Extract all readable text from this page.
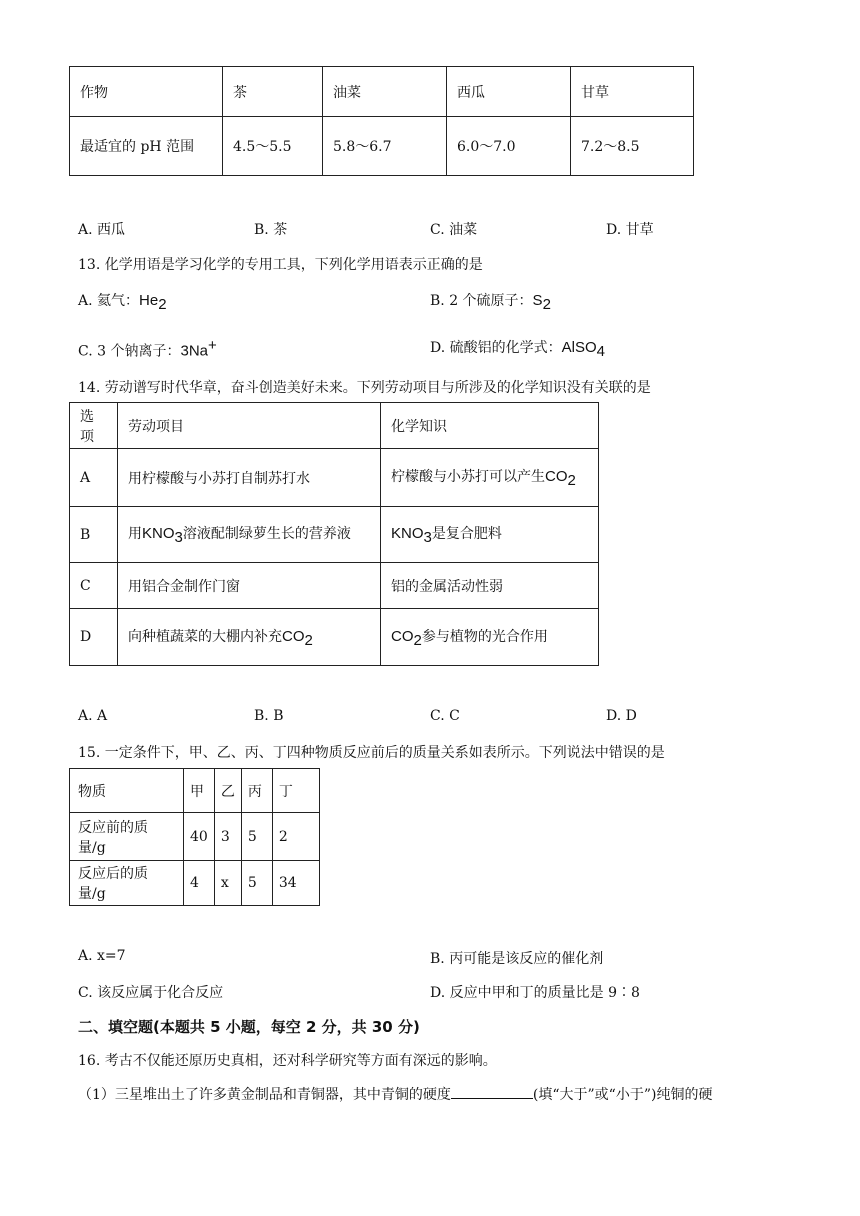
作物	茶	油菜	西瓜	甘草
最适宜的 pH 范围	4.5～5.5	5.8～6.7	6.0～7.0	7.2～8.5
A. 西瓜	B. 茶	C. 油菜	D. 甘草
13. 化学用语是学习化学的专用工具，下列化学用语表示正确的是
A. 氦气：$He_2$	B. 2 个硫原子：$S_2$
C. 3 个钠离子：3Na+	D. 硫酸铝的化学式：AlSO$_4$
14. 劳动谱写时代华章，奋斗创造美好未来。下列劳动项目与所涉及的化学知识没有关联的是
选项	劳动项目	化学知识
A	用柠檬酸与小苏打自制苏打水	柠檬酸与小苏打可以产生$CO_2$
B	用$KNO_3$溶液配制绿萝生长的营养液	$KNO_3$是复合肥料
C	用铝合金制作门窗	铝的金属活动性弱
D	向种植蔬菜的大棚内补充$CO_2$	$CO_2$参与植物的光合作用
A. A	B. B	C. C	D. D
15. 一定条件下，甲、乙、丙、丁四种物质反应前后的质量关系如表所示。下列说法中错误的是
物质	甲	乙	丙	丁
反应前的质量/g	40	3	5	2
反应后的质量/g	4	x	5	34
A. x=7	B. 丙可能是该反应的催化剂
C. 该反应属于化合反应	D. 反应中甲和丁的质量比是 9∶8
二、填空题(本题共 5 小题，每空 2 分，共 30 分)
16. 考古不仅能还原历史真相，还对科学研究等方面有深远的影响。
（1）三星堆出土了许多黄金制品和青铜器，其中青铜的硬度	(填“大于”或“小于”)纯铜的硬
